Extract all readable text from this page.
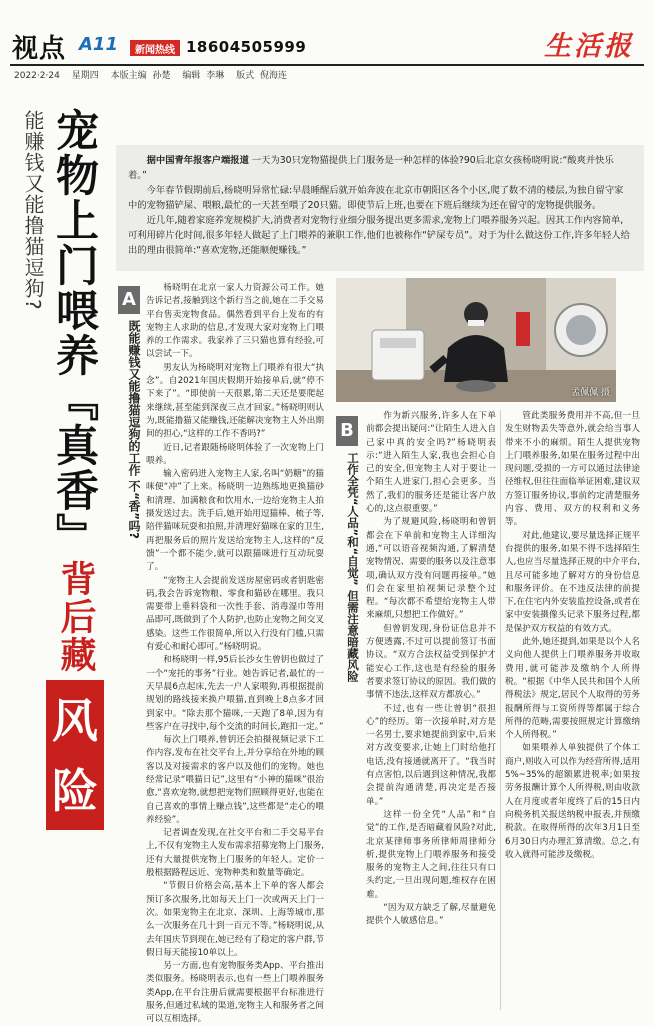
视点 A11	新闻热线 18604505999	生活报
2022·2·24 星期四 本版主编 孙楚 编辑 李琳 版式 倪海连
能赚钱又能撸猫逗狗? 宠物上门喂养『真香』
背后藏
风险

据中国青年报客户端报道 一天为30只宠物猫提供上门服务是一种怎样的体验?90后北京女孩杨晓明说:“酸爽并快乐着。”

今年春节假期前后,杨晓明异常忙碌:早晨睡醒后就开始奔波在北京市朝阳区各个小区,爬了数不清的楼层,为独自留守家中的宠物猫铲屎、喂粮,最忙的一天甚至喂了20只猫。即使节后上班,也要在下班后继续为还在留守的宠物提供服务。

近几年,随着家庭养宠规模扩大,消费者对宠物行业细分服务提出更多需求,宠物上门喂养服务兴起。因其工作内容简单,可利用碎片化时间,很多年轻人做起了上门喂养的兼职工作,他们也被称作“铲屎专员”。对于为什么做这份工作,许多年轻人给出的理由很简单:“喜欢宠物,还能顺便赚钱。”

A
既能赚钱又能撸猫逗狗的工作 不“香”吗?

杨晓明在北京一家人力资源公司工作。她告诉记者,接触到这个新行当之前,她在二手交易平台售卖宠物食品。偶然看到平台上发布的有宠物主人求助的信息,才发现大家对宠物上门喂养的工作需求。我家养了三只猫也算有经验,可以尝试一下。

男友认为杨晓明对宠物上门喂养有很大“执念”。自2021年国庆假期开始接单后,就“停不下来了”。“即使前一天很累,第二天还是要爬起来继续,甚至能到深夜三点才回家。”杨晓明则认为,既能撸猫又能赚钱,还能解决宠物主人外出期间的担心,“这样的工作不香吗?”

近日,记者跟随杨晓明体验了一次宠物上门喂养。

输入密码进入宠物主人家,名叫“奶糖”的猫咪便“冲”了上来。杨晓明一边熟练地更换猫砂和清理、加满粮食和饮用水,一边给宠物主人拍摄发送过去。洗手后,她开始用逗猫棒、梳子等,陪伴猫咪玩耍和拍照,并清理好猫咪在家的卫生,再把服务后的照片发送给宠物主人,这样的“反馈”一个都不能少,就可以跟猫咪进行互动玩耍了。

“宠物主人会提前发送房屋密码或者钥匙密码,我会告诉宠物粮、零食和猫砂在哪里。我只需要带上垂料袋和一次性手套、消毒湿巾等用品即可,既做到了个人防护,也防止宠物之间交叉感染。这些工作很简单,所以入行没有门槛,只需有爱心和耐心即可。”杨晓明说。

和杨晓明一样,95后长沙女生曾钥也做过了一个“宠托的事务”行业。她告诉记者,最忙的一天早晨6点起床,先去一户人家喂狗,再根据提前规划的路线接来换户喂猫,直到晚上8点多才回到家中。“除去那个猫咪,一天跑了8单,因为有些客户在寻找中,每个交流的时间长,跑扣一定。”

每次上门喂养,曾钥还会拍摄视频记录下工作内容,发布在社交平台上,并分享给在外地的顾客以及对接需求的客户以及他们的宠物。她也经常记录“喂猫日记”,这里有“小神的猫咪”很治愈,“喜欢宠物,就想把宠物们照顾得更好,也能在自己喜欢的事情上赚点钱”,这些都是“走心的喂养经验”。

记者调查发现,在社交平台和二手交易平台上,不仅有宠物主人发布需求招募宠物上门服务,还有大量提供宠物上门服务的年轻人。定价一般根据路程远近、宠物种类和数量等确定。

“节假日价格会高,基本上下单的客人都会预订多次服务,比如每天上门一次或两天上门一次。如果宠物主在北京、深圳、上海等城市,那么一次服务在几十到一百元不等。”杨晓明说,从去年国庆节到现在,她已经有了稳定的客户群,节假日每天能接10单以上。

另一方面,也有宠物服务类App、平台推出类似服务。杨晓明表示,也有一些上门喂养服务类App,在平台注册后就需要根据平台标准进行服务,但通过私域的渠道,宠物主人和服务者之间可以互相选择。

孟佩佩 摄
B
工作全凭“人品”和“自觉” 但需注意暗藏风险

作为新兴服务,许多人在下单前都会提出疑问:“让陌生人进入自己家中真的安全吗?”杨晓明表示:“进入陌生人家,我也会担心自己的安全,但宠物主人对于要让一个陌生人进家门,担心会更多。当然了,我们的服务还是能让客户放心的,这点很重要。”

为了规避风险,杨晓明和曾钥都会在下单前和宠物主人详细沟通,“可以语音视频沟通,了解清楚宠物情况、需要的服务以及注意事项,确认双方没有问题再接单。”她们会在家里拍视频记录整个过程。“每次都不希望给宠物主人带来麻烦,只想把工作做好。”

但曾钥发现,身份证信息并不方便透露,不过可以提前签订书面协议。“双方合法权益受到保护才能安心工作,这也是有经验的服务者要求签订协议的原因。我们做的事情不违法,这样双方都放心。”

不过,也有一些让曾钥“很担心”的经历。第一次接单时,对方是一名男士,要求她提前到家中,后来对方改变要求,让她上门时给他打电话,没有接通就离开了。“我当时有点害怕,以后遇到这种情况,我都会提前沟通清楚,再决定是否接单。”

这样一份全凭“人品”和“自觉”的工作,是否暗藏着风险?对此,北京某律师事务所律师周律师分析,提供宠物上门喂养服务和接受服务的宠物主人之间,往往只有口头约定,一旦出现问题,维权存在困难。

“因为双方缺乏了解,尽量避免提供个人敏感信息。”

管此类服务费用并不高,但一旦发生财物丢失等意外,就会给当事人带来不小的麻烦。陌生人提供宠物上门喂养服务,如果在服务过程中出现问题,受损的一方可以通过法律途径维权,但往往面临举证困难,建议双方签订服务协议,事前约定清楚服务内容、费用、双方的权利和义务等。

对此,他建议,要尽量选择正规平台提供的服务,如果不得不选择陌生人,也应当尽量选择正规的中介平台,且尽可能多地了解对方的身份信息和服务评价。在不违反法律的前提下,在住宅内外安装监控设备,或者在家中安装摄像头记录下服务过程,都是保护双方权益的有效方式。

此外,她还提到,如果是以个人名义向他人提供上门喂养服务并收取费用,就可能涉及缴纳个人所得税。“根据《中华人民共和国个人所得税法》规定,居民个人取得的劳务报酬所得与工资所得等都属于综合所得的范畴,需要按照规定计算缴纳个人所得税。”

如果喂养人单独提供了个体工商户,则收入可以作为经营所得,适用5%~35%的超额累进税率;如果按劳务报酬计算个人所得税,则由收款人在月度或者年度终了后的15日内向税务机关报送纳税申报表,并预缴税款。在取得所得的次年3月1日至6月30日内办理汇算清缴。总之,有收入就得可能涉及缴税。
